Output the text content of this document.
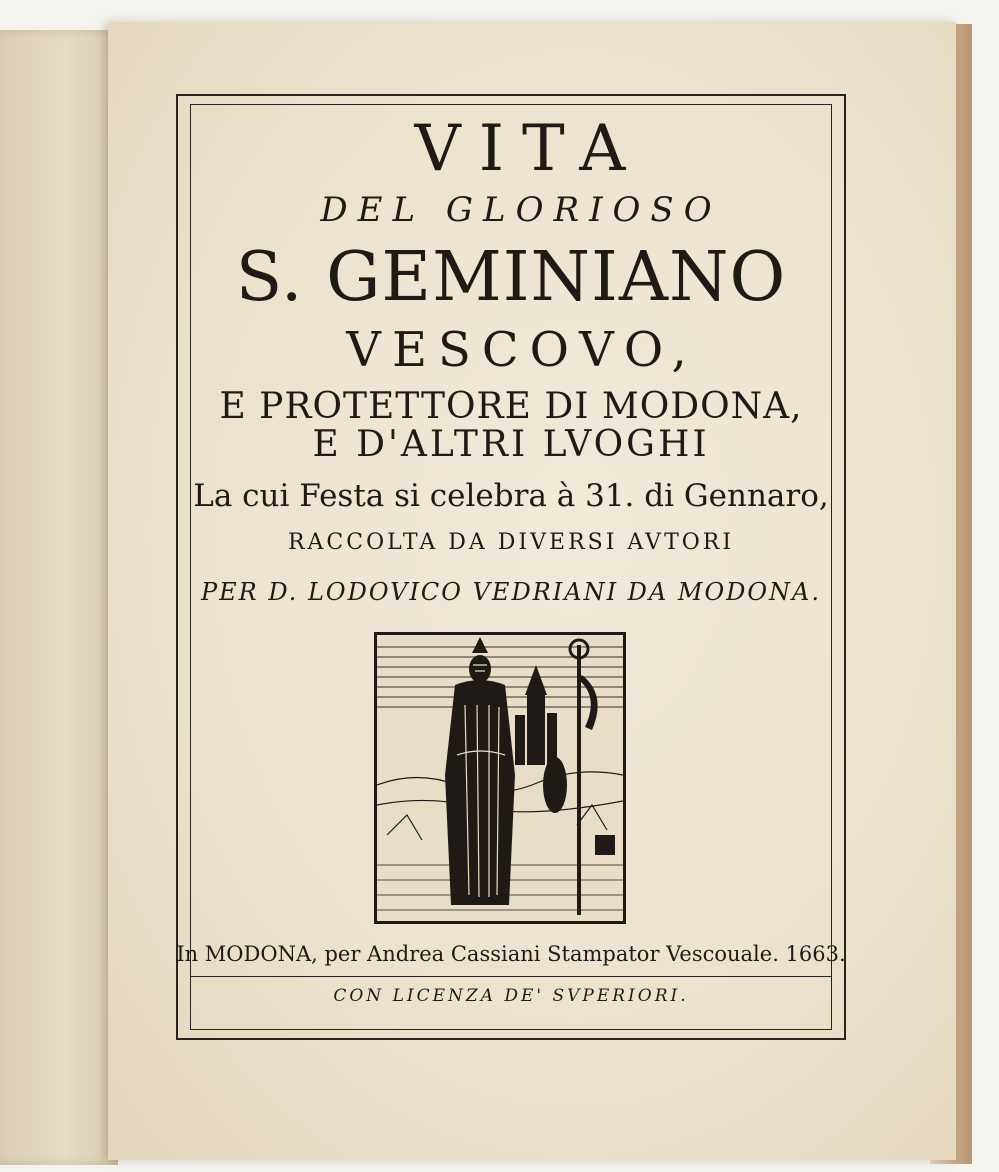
VITA

DEL GLORIOSO

S. GEMINIANO

VESCOVO,

E PROTETTORE DI MODONA,

E D'ALTRI LVOGHI

La cui Festa si celebra à 31. di Gennaro,

RACCOLTA DA DIVERSI AVTORI

PER D. LODOVICO VEDRIANI DA MODONA.

In MODONA, per Andrea Cassiani Stampator Vescouale. 1663.

CON LICENZA DE' SVPERIORI.
